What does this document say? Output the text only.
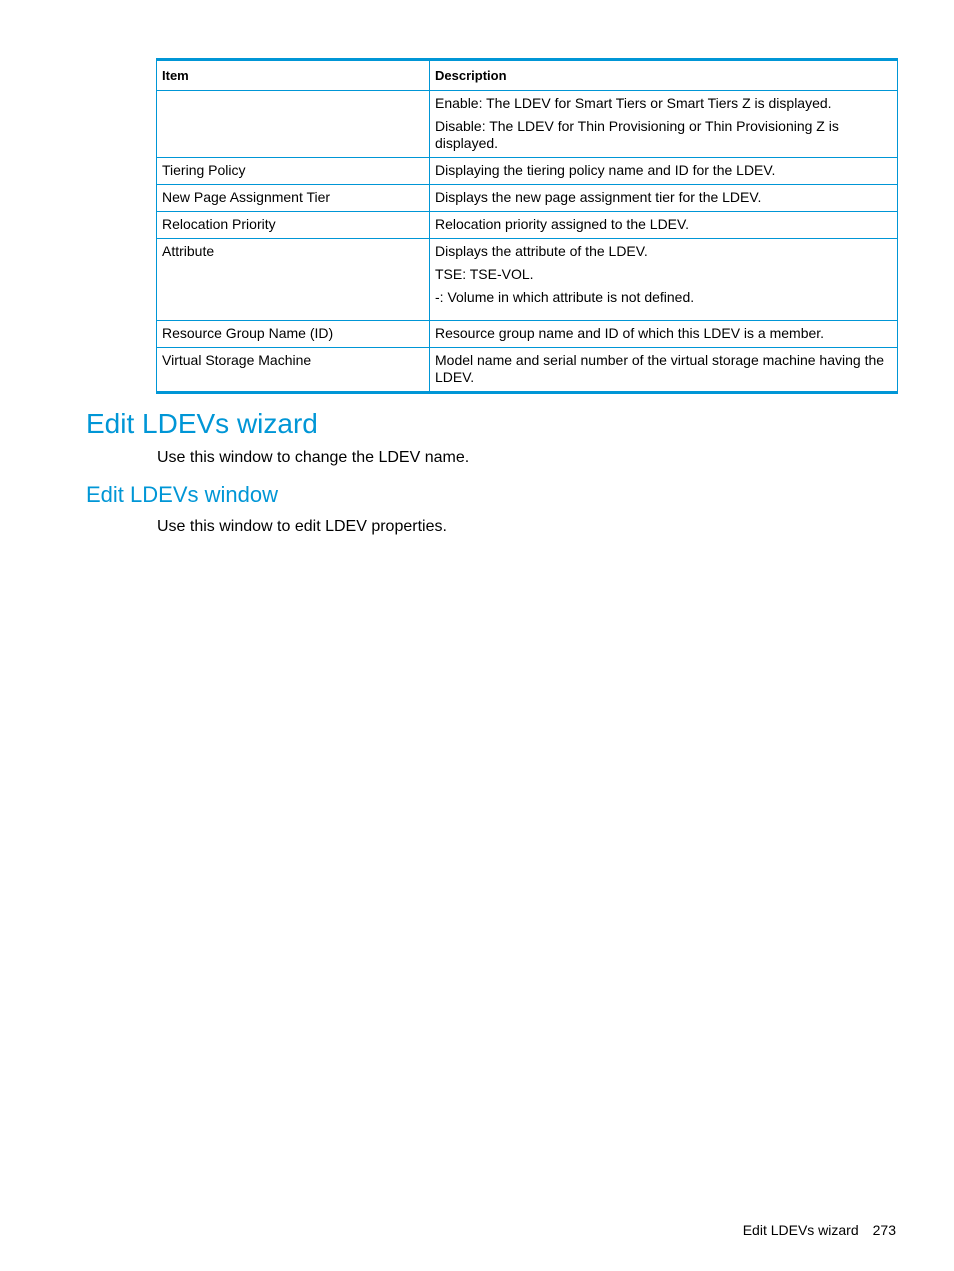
Item	Description

	Enable: The LDEV for Smart Tiers or Smart Tiers Z is displayed.

Disable: The LDEV for Thin Provisioning or Thin Provisioning Z is displayed.

Tiering Policy	Displaying the tiering policy name and ID for the LDEV.

New Page Assignment Tier	Displays the new page assignment tier for the LDEV.

Relocation Priority	Relocation priority assigned to the LDEV.

Attribute	Displays the attribute of the LDEV.

TSE: TSE-VOL.

-: Volume in which attribute is not defined.

Resource Group Name (ID)	Resource group name and ID of which this LDEV is a member.

Virtual Storage Machine	Model name and serial number of the virtual storage machine having the LDEV.

Edit LDEVs wizard

Use this window to change the LDEV name.

Edit LDEVs window

Use this window to edit LDEV properties.

Edit LDEVs wizard 273
